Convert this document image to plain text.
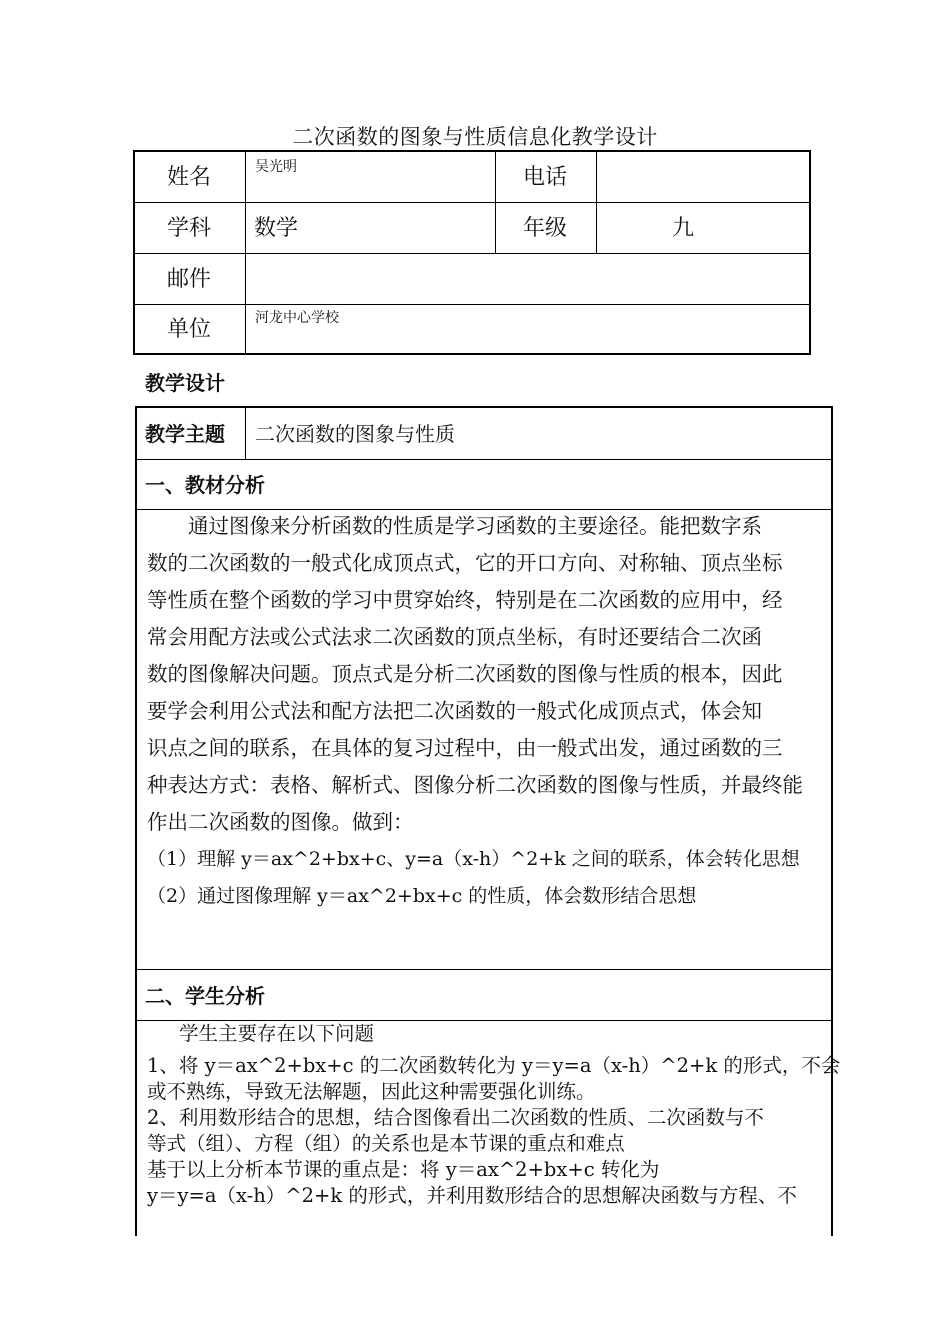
二次函数的图象与性质信息化教学设计
姓名	吴光明	电话
学科 数学	年级	九
邮件
单位	河龙中心学校
教学设计
教学主题 二次函数的图象与性质
一、教材分析

通过图像来分析函数的性质是学习函数的主要途径。能把数字系

数的二次函数的一般式化成顶点式，它的开口方向、对称轴、顶点坐标

等性质在整个函数的学习中贯穿始终，特别是在二次函数的应用中，经

常会用配方法或公式法求二次函数的顶点坐标，有时还要结合二次函

数的图像解决问题。顶点式是分析二次函数的图像与性质的根本，因此

要学会利用公式法和配方法把二次函数的一般式化成顶点式，体会知

识点之间的联系，在具体的复习过程中，由一般式出发，通过函数的三

种表达方式：表格、解析式、图像分析二次函数的图像与性质，并最终能

作出二次函数的图像。做到：

（1）理解 y＝ax^2+bx+c、y=a（x-h）^2+k 之间的联系，体会转化思想

（2）通过图像理解 y＝ax^2+bx+c 的性质，体会数形结合思想

二、学生分析

学生主要存在以下问题

1、将 y＝ax^2+bx+c 的二次函数转化为 y＝y=a（x-h）^2+k 的形式，不会

或不熟练，导致无法解题，因此这种需要强化训练。

2、利用数形结合的思想，结合图像看出二次函数的性质、二次函数与不

等式（组）、方程（组）的关系也是本节课的重点和难点

基于以上分析本节课的重点是：将 y＝ax^2+bx+c 转化为

y＝y=a（x-h）^2+k 的形式，并利用数形结合的思想解决函数与方程、不
